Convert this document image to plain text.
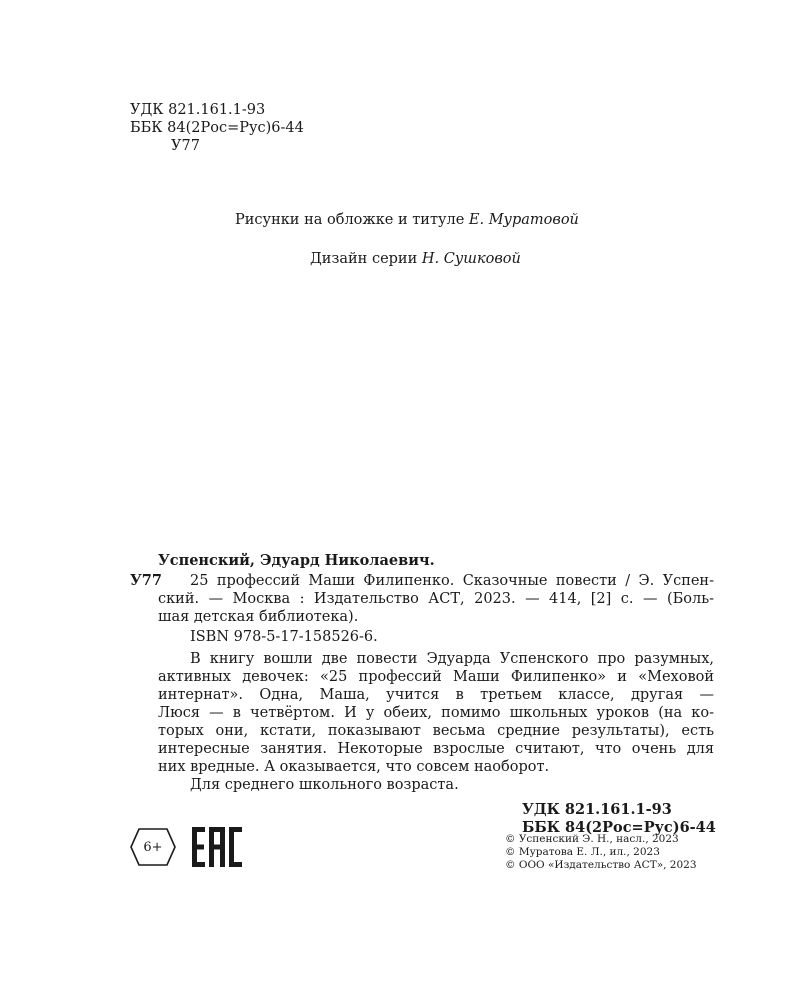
УДК 821.161.1-93
ББК 84(2Рос=Рус)6-44
У77
Рисунки на обложке и титуле Е. Муратовой
Дизайн серии Н. Сушковой
Успенский, Эдуард Николаевич.
У77 25 профессий Маши Филипенко. Сказочные повести / Э. Успен-
ский. — Москва : Издательство АСТ, 2023. — 414, [2] с. — (Боль-
шая детская библиотека).
ISBN 978-5-17-158526-6.
В книгу вошли две повести Эдуарда Успенского про разумных,
активных девочек: «25 профессий Маши Филипенко» и «Меховой
интернат». Одна, Маша, учится в третьем классе, другая —
Люся — в четвёртом. И у обеих, помимо школьных уроков (на ко-
торых они, кстати, показывают весьма средние результаты), есть
интересные занятия. Некоторые взрослые считают, что очень для
них вредные. А оказывается, что совсем наоборот.
Для среднего школьного возраста.
УДК 821.161.1-93
ББК 84(2Рос=Рус)6-44
6+
© Успенский Э. Н., насл., 2023
© Муратова Е. Л., ил., 2023
© ООО «Издательство АСТ», 2023
